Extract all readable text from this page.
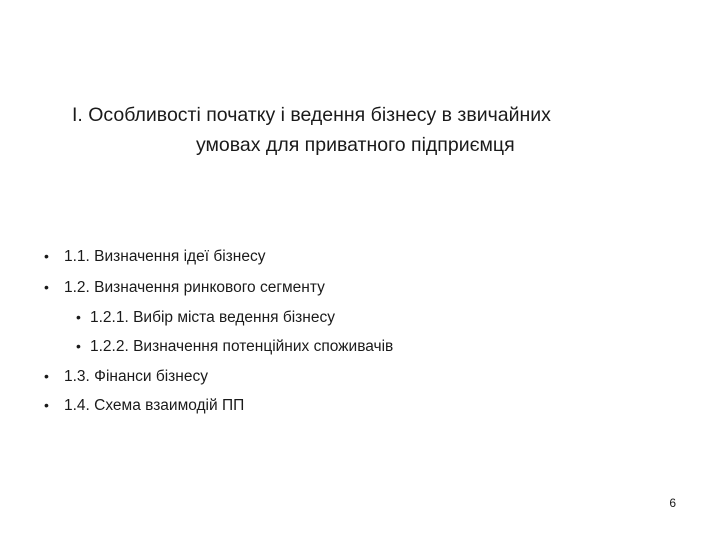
I. Особливості початку і ведення бізнесу в звичайних
умовах для приватного підприємця
• 1.1. Визначення ідеї бізнесу
• 1.2. Визначення ринкового сегменту
• 1.2.1. Вибір міста ведення бізнесу
• 1.2.2. Визначення потенційних споживачів
• 1.3. Фінанси бізнесу
• 1.4. Схема взаимодій ПП
6
